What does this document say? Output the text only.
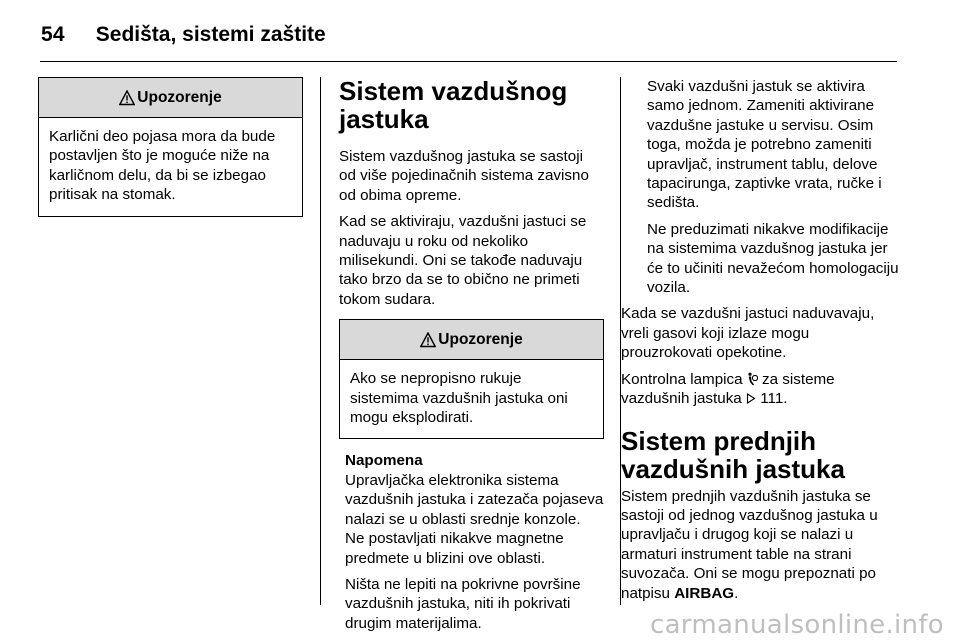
54 Sedišta, sistemi zaštite
Upozorenje
Karlični deo pojasa mora da bude postavljen što je moguće niže na karličnom delu, da bi se izbegao pritisak na stomak.
Sistem vazdušnog jastuka

Sistem vazdušnog jastuka se sastoji od više pojedinačnih sistema zavisno od obima opreme.

Kad se aktiviraju, vazdušni jastuci se naduvaju u roku od nekoliko milisekundi. Oni se takođe naduvaju tako brzo da se to obično ne primeti tokom sudara.

Upozorenje
Ako se nepropisno rukuje sistemima vazdušnih jastuka oni mogu eksplodirati.
Napomena

Upravljačka elektronika sistema vazdušnih jastuka i zatezača pojaseva nalazi se u oblasti srednje konzole. Ne postavljati nikakve magnetne predmete u blizini ove oblasti.

Ništa ne lepiti na pokrivne površine vazdušnih jastuka, niti ih pokrivati drugim materijalima.

Svaki vazdušni jastuk se aktivira samo jednom. Zameniti aktivirane vazdušne jastuke u servisu. Osim toga, možda je potrebno zameniti upravljač, instrument tablu, delove tapacirunga, zaptivke vrata, ručke i sedišta.

Ne preduzimati nikakve modifikacije na sistemima vazdušnog jastuka jer će to učiniti nevažećom homologaciju vozila.

Kada se vazdušni jastuci naduvavaju, vreli gasovi koji izlaze mogu prouzrokovati opekotine.

Kontrolna lampica za sisteme vazdušnih jastuka 111.

Sistem prednjih vazdušnih jastuka

Sistem prednjih vazdušnih jastuka se sastoji od jednog vazdušnog jastuka u upravljaču i drugog koji se nalazi u armaturi instrument table na strani suvozača. Oni se mogu prepoznati po natpisu AIRBAG.

carmanualsonline.info
